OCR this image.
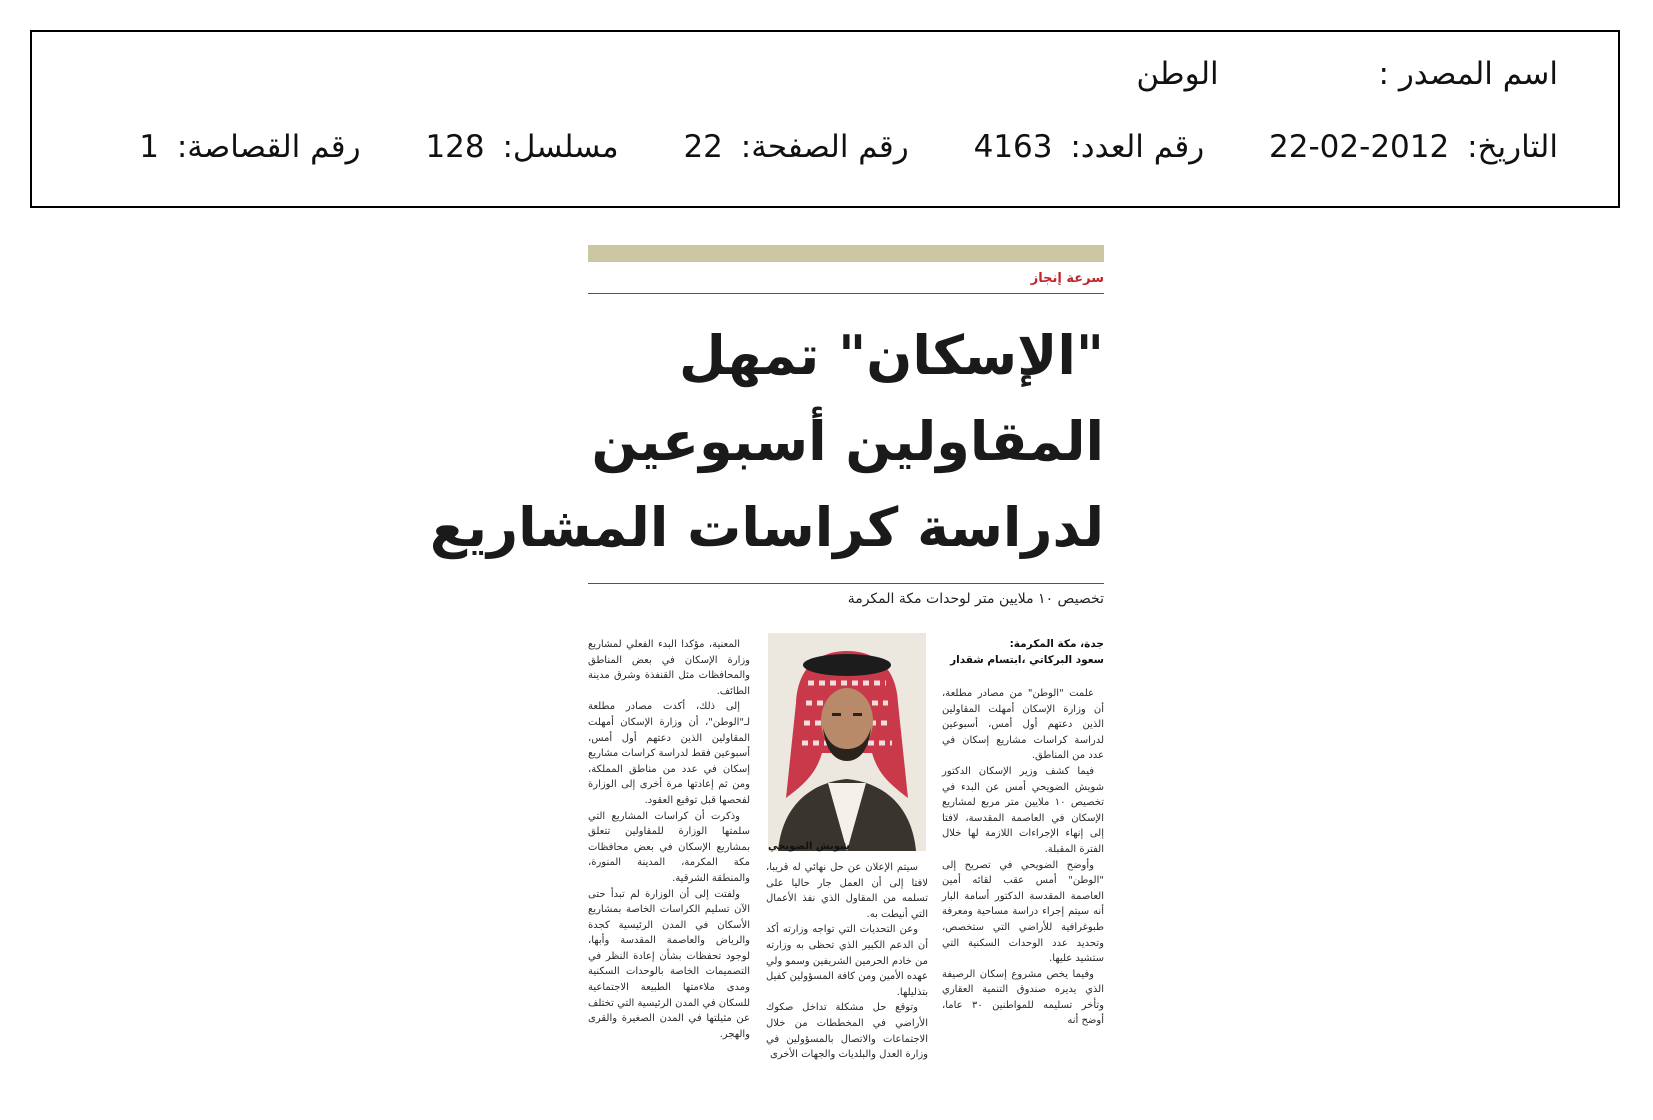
اسم المصدر : الوطن
التاريخ: 2012-02-22 رقم العدد: 4163 رقم الصفحة: 22 مسلسل: 128 رقم القصاصة: 1
سرعة إنجاز
"الإسكان" تمهل
المقاولين أسبوعين
لدراسة كراسات المشاريع
تخصيص ١٠ ملايين متر لوحدات مكة المكرمة
جدة، مكة المكرمة:
سعود البركاتي ،ابتسام شقدار

علمت "الوطن" من مصادر مطلعة، أن وزارة الإسكان أمهلت المقاولين الذين دعتهم أول أمس، أسبوعين لدراسة كراسات مشاريع إسكان في عدد من المناطق.

فيما كشف وزير الإسكان الدكتور شويش الضويحي أمس عن البدء في تخصيص ١٠ ملايين متر مربع لمشاريع الإسكان في العاصمة المقدسة، لافتا إلى إنهاء الإجراءات اللازمة لها خلال الفترة المقبلة.

وأوضح الضويحي في تصريح إلى "الوطن" أمس عقب لقائه أمين العاصمة المقدسة الدكتور أسامة البار أنه سيتم إجراء دراسة مساحية ومعرفة طبوغرافية للأراضي التي ستخصص، وتحديد عدد الوحدات السكنية التي ستشيد عليها.

وفيما يخص مشروع إسكان الرصيفة الذي يديره صندوق التنمية العقاري وتأخر تسليمه للمواطنين ٣٠ عاما، أوضح أنه

شويش الضويحي

سيتم الإعلان عن حل نهائي له قريبا، لافتا إلى أن العمل جار حاليا على تسلمه من المقاول الذي نفذ الأعمال التي أنيطت به.

وعن التحديات التي تواجه وزارته أكد أن الدعم الكبير الذي تحظى به وزارته من خادم الحرمين الشريفين وسمو ولي عهده الأمين ومن كافة المسؤولين كفيل بتذليلها.

وتوقع حل مشكلة تداخل صكوك الأراضي في المخططات من خلال الاجتماعات والاتصال بالمسؤولين في وزارة العدل والبلديات والجهات الأخرى

المعنية، مؤكدا البدء الفعلي لمشاريع وزارة الإسكان في بعض المناطق والمحافظات مثل القنفذة وشرق مدينة الطائف.

إلى ذلك، أكدت مصادر مطلعة لـ"الوطن"، أن وزارة الإسكان أمهلت المقاولين الذين دعتهم أول أمس، أسبوعين فقط لدراسة كراسات مشاريع إسكان في عدد من مناطق المملكة، ومن ثم إعادتها مرة أخرى إلى الوزارة لفحصها قبل توقيع العقود.

وذكرت أن كراسات المشاريع التي سلمتها الوزارة للمقاولين تتعلق بمشاريع الإسكان في بعض محافظات مكة المكرمة، المدينة المنورة، والمنطقة الشرقية.

ولفتت إلى أن الوزارة لم تبدأ حتى الآن تسليم الكراسات الخاصة بمشاريع الأسكان في المدن الرئيسية كجدة والرياض والعاصمة المقدسة وأبها، لوجود تحفظات بشأن إعادة النظر في التصميمات الخاصة بالوحدات السكنية ومدى ملاءمتها الطبيعة الاجتماعية للسكان في المدن الرئيسية التي تختلف عن مثيلتها في المدن الصغيرة والقرى والهجر.
